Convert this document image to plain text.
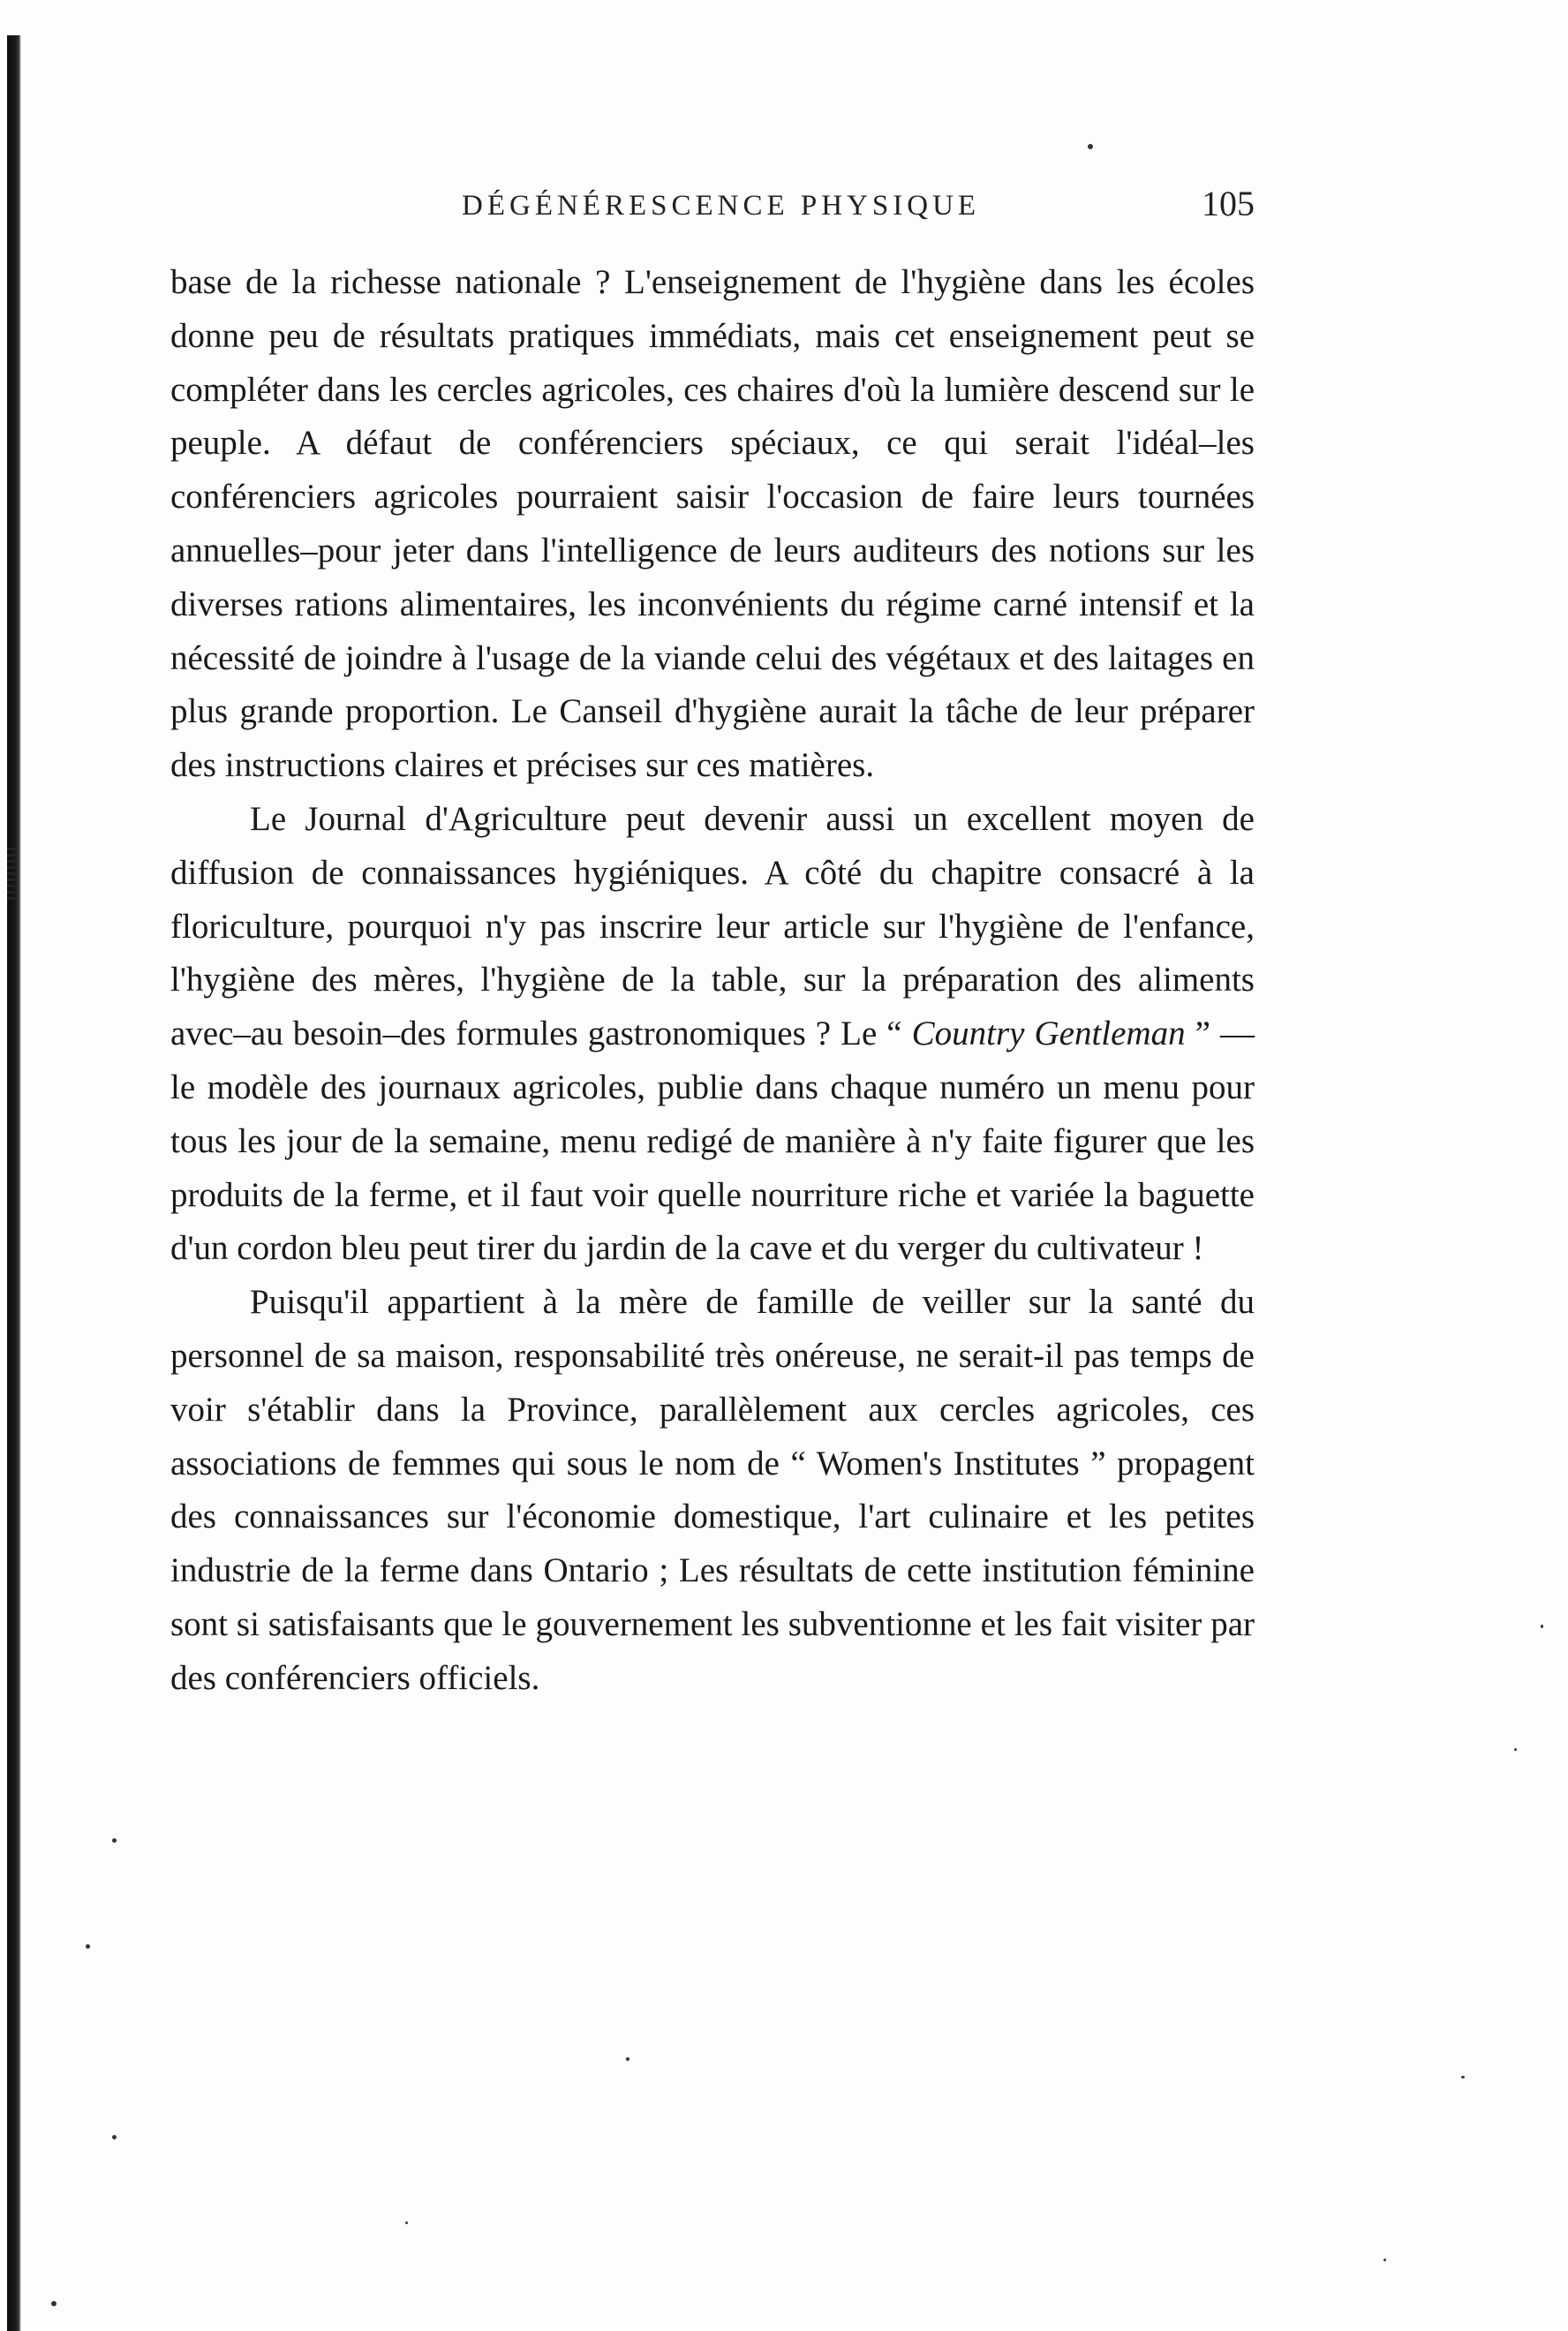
DÉGÉNÉRESCENCE PHYSIQUE	105

base de la richesse nationale ? L'enseignement de l'hygiène dans les écoles donne peu de résultats pratiques immédiats, mais cet enseignement peut se compléter dans les cercles agricoles, ces chaires d'où la lumière descend sur le peuple. A défaut de conférenciers spéciaux, ce qui serait l'idéal–les conférenciers agricoles pourraient saisir l'occasion de faire leurs tournées annuelles–pour jeter dans l'intelligence de leurs auditeurs des notions sur les diverses rations alimentaires, les inconvénients du régime carné intensif et la nécessité de joindre à l'usage de la viande celui des végétaux et des laitages en plus grande proportion. Le Canseil d'hygiène aurait la tâche de leur préparer des instructions claires et précises sur ces matières.

Le Journal d'Agriculture peut devenir aussi un excellent moyen de diffusion de connaissances hygiéniques. A côté du chapitre consacré à la floriculture, pourquoi n'y pas inscrire leur article sur l'hygiène de l'enfance, l'hygiène des mères, l'hygiène de la table, sur la préparation des aliments avec–au besoin–des formules gastronomiques ? Le “ Country Gentleman ” —le modèle des journaux agricoles, publie dans chaque numéro un menu pour tous les jour de la semaine, menu redigé de manière à n'y faite figurer que les produits de la ferme, et il faut voir quelle nourriture riche et variée la baguette d'un cordon bleu peut tirer du jardin de la cave et du verger du cultivateur !

Puisqu'il appartient à la mère de famille de veiller sur la santé du personnel de sa maison, responsabilité très onéreuse, ne serait-il pas temps de voir s'établir dans la Province, parallèlement aux cercles agricoles, ces associations de femmes qui sous le nom de “ Women's Institutes ” propagent des connaissances sur l'économie domestique, l'art culinaire et les petites industrie de la ferme dans Ontario ; Les résultats de cette institution féminine sont si satisfaisants que le gouvernement les subventionne et les fait visiter par des conférenciers officiels.
